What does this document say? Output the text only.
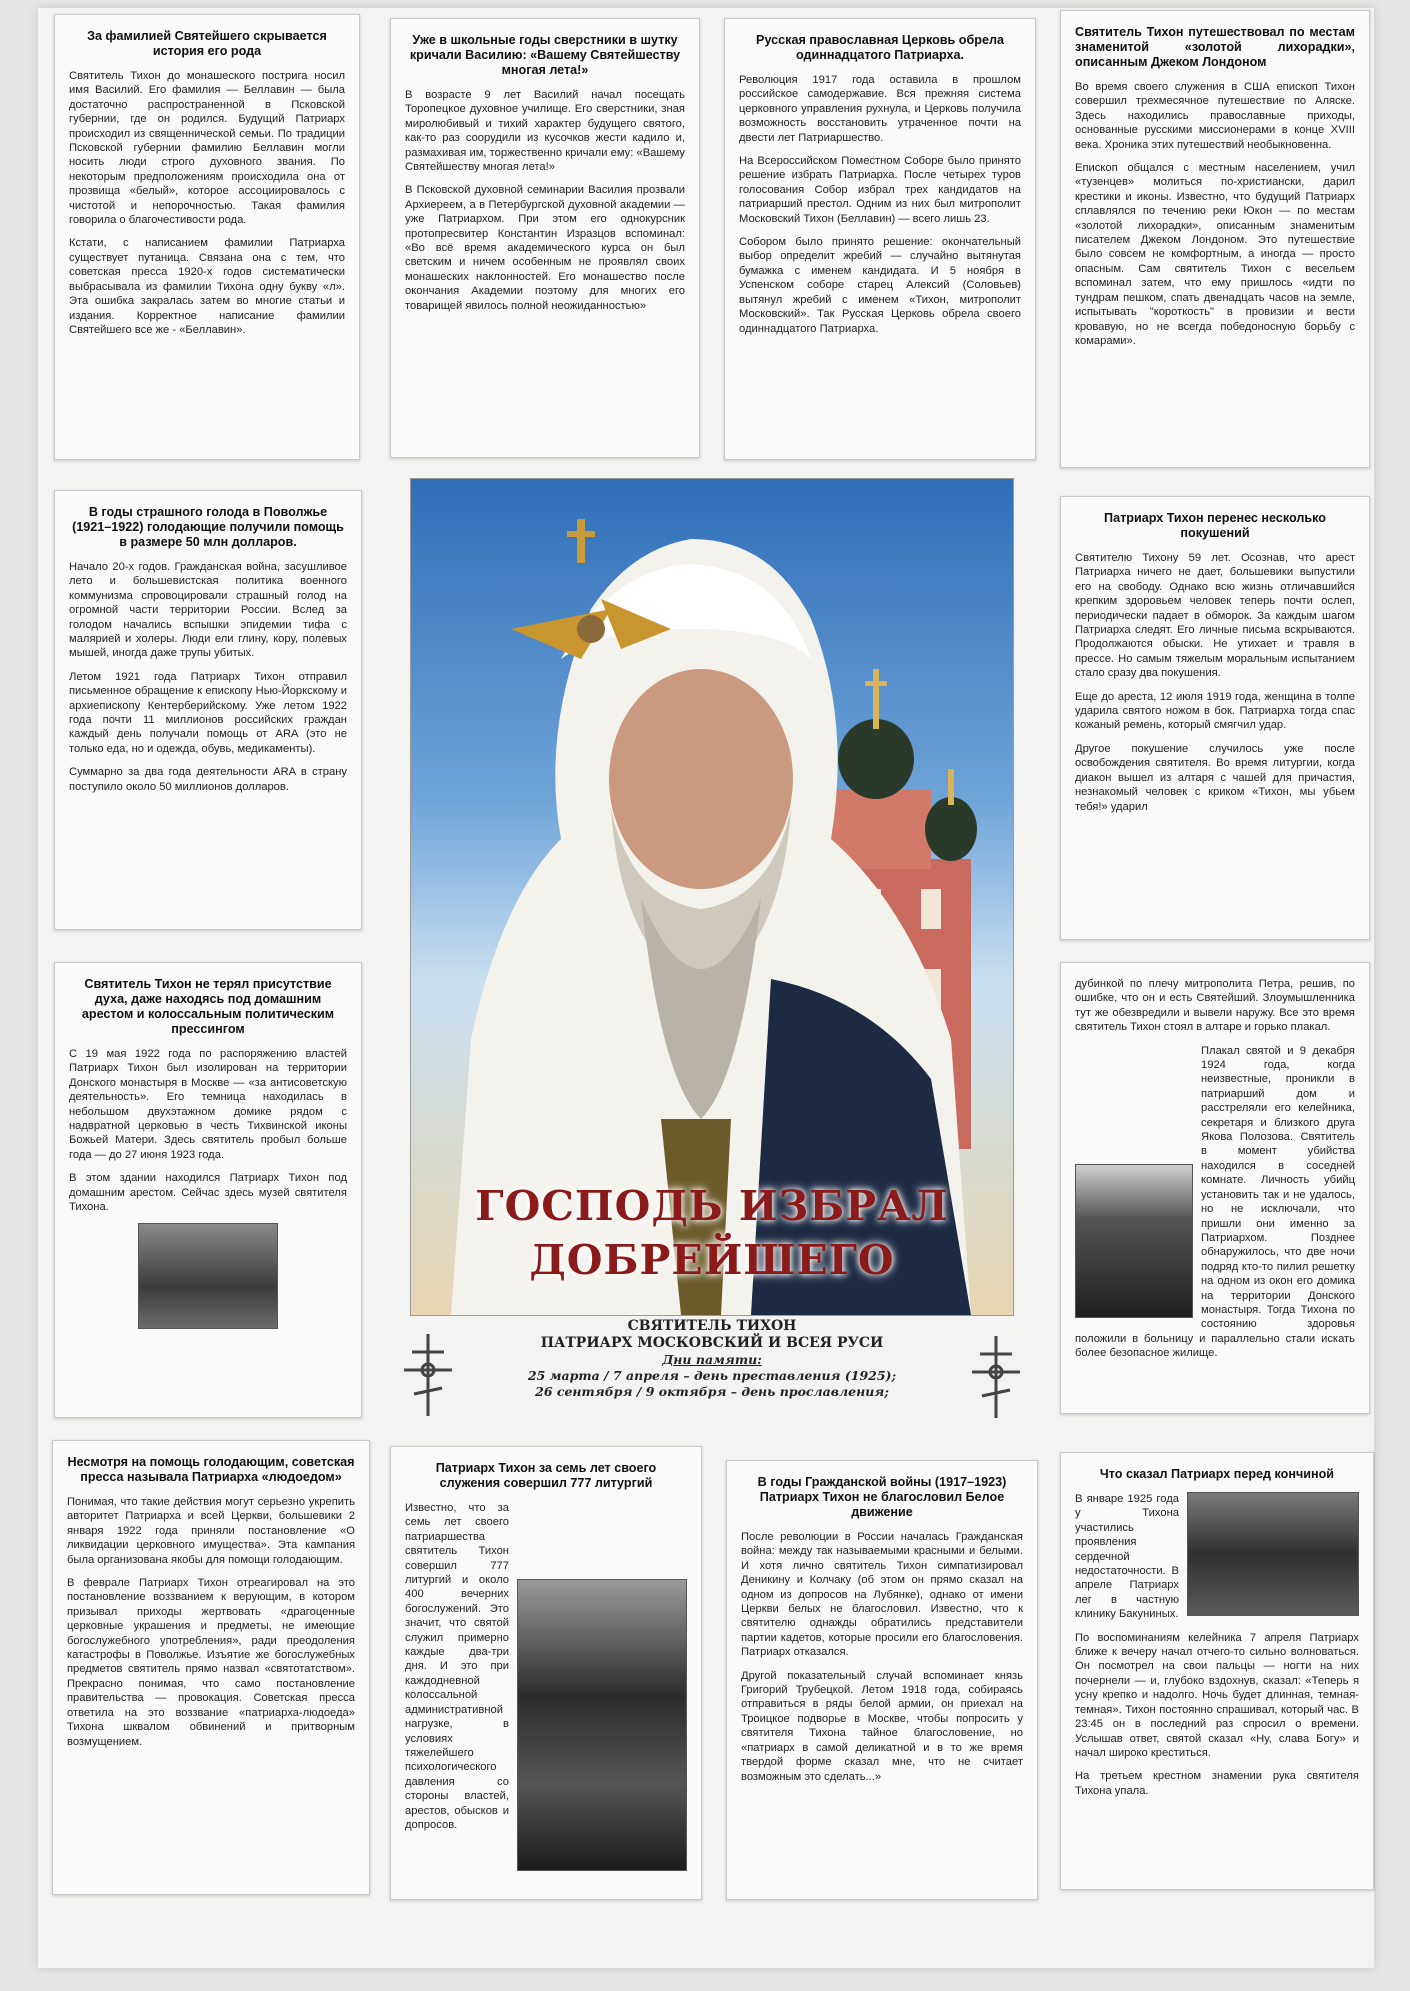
За фамилией Святейшего скрывается история его рода

Святитель Тихон до монашеского пострига носил имя Василий. Его фамилия — Беллавин — была достаточно распространенной в Псковской губернии, где он родился. Будущий Патриарх происходил из священнической семьи. По традиции Псковской губернии фамилию Беллавин могли носить люди строго духовного звания. По некоторым предположениям происходила она от прозвища «белый», которое ассоциировалось с чистотой и непорочностью. Такая фамилия говорила о благочестивости рода.

Кстати, с написанием фамилии Патриарха существует путаница. Связана она с тем, что советская пресса 1920-х годов систематически выбрасывала из фамилии Тихона одну букву «л». Эта ошибка закралась затем во многие статьи и издания. Корректное написание фамилии Святейшего все же - «Беллавин».

Уже в школьные годы сверстники в шутку кричали Василию: «Вашему Святейшеству многая лета!»

В возрасте 9 лет Василий начал посещать Торопецкое духовное училище. Его сверстники, зная миролюбивый и тихий характер будущего святого, как-то раз соорудили из кусочков жести кадило и, размахивая им, торжественно кричали ему: «Вашему Святейшеству многая лета!»

В Псковской духовной семинарии Василия прозвали Архиереем, а в Петербургской духовной академии — уже Патриархом. При этом его однокурсник протопресвитер Константин Изразцов вспоминал: «Во всё время академического курса он был светским и ничем особенным не проявлял своих монашеских наклонностей. Его монашество после окончания Академии поэтому для многих его товарищей явилось полной неожиданностью»

Русская православная Церковь обрела одиннадцатого Патриарха.

Революция 1917 года оставила в прошлом российское самодержавие. Вся прежняя система церковного управления рухнула, и Церковь получила возможность восстановить утраченное почти на двести лет Патриаршество.

На Всероссийском Поместном Соборе было принято решение избрать Патриарха. После четырех туров голосования Собор избрал трех кандидатов на патриарший престол. Одним из них был митрополит Московский Тихон (Беллавин) — всего лишь 23.

Собором было принято решение: окончательный выбор определит жребий — случайно вытянутая бумажка с именем кандидата. И 5 ноября в Успенском соборе старец Алексий (Соловьев) вытянул жребий с именем «Тихон, митрополит Московский». Так Русская Церковь обрела своего одиннадцатого Патриарха.

Святитель Тихон путешествовал по местам знаменитой «золотой лихорадки», описанным Джеком Лондоном

Во время своего служения в США епископ Тихон совершил трехмесячное путешествие по Аляске. Здесь находились православные приходы, основанные русскими миссионерами в конце XVIII века. Хроника этих путешествий необыкновенна.

Епископ общался с местным населением, учил «тузенцев» молиться по-христиански, дарил крестики и иконы. Известно, что будущий Патриарх сплавлялся по течению реки Юкон — по местам «золотой лихорадки», описанным знаменитым писателем Джеком Лондоном. Это путешествие было совсем не комфортным, а иногда — просто опасным. Сам святитель Тихон с весельем вспоминал затем, что ему пришлось «идти по тундрам пешком, спать двенадцать часов на земле, испытывать "короткость" в провизии и вести кровавую, но не всегда победоносную борьбу с комарами».

В годы страшного голода в Поволжье (1921–1922) голодающие получили помощь в размере 50 млн долларов.

Начало 20-х годов. Гражданская война, засушливое лето и большевистская политика военного коммунизма спровоцировали страшный голод на огромной части территории России. Вслед за голодом начались вспышки эпидемии тифа с малярией и холеры. Люди ели глину, кору, полевых мышей, иногда даже трупы убитых.

Летом 1921 года Патриарх Тихон отправил письменное обращение к епископу Нью-Йоркскому и архиепископу Кентерберийскому. Уже летом 1922 года почти 11 миллионов российских граждан каждый день получали помощь от ARA (это не только еда, но и одежда, обувь, медикаменты).

Суммарно за два года деятельности ARA в страну поступило около 50 миллионов долларов.

Патриарх Тихон перенес несколько покушений

Святителю Тихону 59 лет. Осознав, что арест Патриарха ничего не дает, большевики выпустили его на свободу. Однако всю жизнь отличавшийся крепким здоровьем человек теперь почти ослеп, периодически падает в обморок. За каждым шагом Патриарха следят. Его личные письма вскрываются. Продолжаются обыски. Не утихает и травля в прессе. Но самым тяжелым моральным испытанием стало сразу два покушения.

Еще до ареста, 12 июля 1919 года, женщина в толпе ударила святого ножом в бок. Патриарха тогда спас кожаный ремень, который смягчил удар.

Другое покушение случилось уже после освобождения святителя. Во время литургии, когда диакон вышел из алтаря с чашей для причастия, незнакомый человек с криком «Тихон, мы убьем тебя!» ударил

Святитель Тихон не терял присутствие духа, даже находясь под домашним арестом и колоссальным политическим прессингом

С 19 мая 1922 года по распоряжению властей Патриарх Тихон был изолирован на территории Донского монастыря в Москве — «за антисоветскую деятельность». Его темница находилась в небольшом двухэтажном домике рядом с надвратной церковью в честь Тихвинской иконы Божьей Матери. Здесь святитель пробыл больше года — до 27 июня 1923 года.

В этом здании находился Патриарх Тихон под домашним арестом. Сейчас здесь музей святителя Тихона.

дубинкой по плечу митрополита Петра, решив, по ошибке, что он и есть Святейший. Злоумышленника тут же обезвредили и вывели наружу. Все это время святитель Тихон стоял в алтаре и горько плакал.

Плакал святой и 9 декабря 1924 года, когда неизвестные, проникли в патриарший дом и расстреляли его келейника, секретаря и близкого друга Якова Полозова. Святитель в момент убийства находился в соседней комнате. Личность убийц установить так и не удалось, но не исключали, что пришли они именно за Патриархом. Позднее обнаружилось, что две ночи подряд кто-то пилил решетку на одном из окон его домика на территории Донского монастыря. Тогда Тихона по состоянию здоровья положили в больницу и параллельно стали искать более безопасное жилище.

ГОСПОДЬ ИЗБРАЛ
ДОБРЕЙШЕГО
СВЯТИТЕЛЬ ТИХОН
ПАТРИАРХ МОСКОВСКИЙ И ВСЕЯ РУСИ
Дни памяти:
25 марта / 7 апреля – день преставления (1925);
26 сентября / 9 октября – день прославления;
Несмотря на помощь голодающим, советская пресса называла Патриарха «людоедом»

Понимая, что такие действия могут серьезно укрепить авторитет Патриарха и всей Церкви, большевики 2 января 1922 года приняли постановление «О ликвидации церковного имущества». Эта кампания была организована якобы для помощи голодающим.

В феврале Патриарх Тихон отреагировал на это постановление воззванием к верующим, в котором призывал приходы жертвовать «драгоценные церковные украшения и предметы, не имеющие богослужебного употребления», ради преодоления катастрофы в Поволжье. Изъятие же богослужебных предметов святитель прямо назвал «святотатством». Прекрасно понимая, что само постановление правительства — провокация. Советская пресса ответила на это воззвание «патриарха-людоеда» Тихона шквалом обвинений и притворным возмущением.

Патриарх Тихон за семь лет своего служения совершил 777 литургий

Известно, что за семь лет своего патриаршества святитель Тихон совершил 777 литургий и около 400 вечерних богослужений. Это значит, что святой служил примерно каждые два-три дня. И это при каждодневной колоссальной административной нагрузке, в условиях тяжелейшего психологического давления со стороны властей, арестов, обысков и допросов.

В годы Гражданской войны (1917–1923) Патриарх Тихон не благословил Белое движение

После революции в России началась Гражданская война: между так называемыми красными и белыми. И хотя лично святитель Тихон симпатизировал Деникину и Колчаку (об этом он прямо сказал на одном из допросов на Лубянке), однако от имени Церкви белых не благословил. Известно, что к святителю однажды обратились представители партии кадетов, которые просили его благословения. Патриарх отказался.

Другой показательный случай вспоминает князь Григорий Трубецкой. Летом 1918 года, собираясь отправиться в ряды белой армии, он приехал на Троицкое подворье в Москве, чтобы попросить у святителя Тихона тайное благословение, но «патриарх в самой деликатной и в то же время твердой форме сказал мне, что не считает возможным это сделать...»

Что сказал Патриарх перед кончиной

В январе 1925 года у Тихона участились проявления сердечной недостаточности. В апреле Патриарх лег в частную клинику Бакуниных.

По воспоминаниям келейника 7 апреля Патриарх ближе к вечеру начал отчего-то сильно волноваться. Он посмотрел на свои пальцы — ногти на них почернели — и, глубоко вздохнув, сказал: «Теперь я усну крепко и надолго. Ночь будет длинная, темная-темная». Тихон постоянно спрашивал, который час. В 23:45 он в последний раз спросил о времени. Услышав ответ, святой сказал «Ну, слава Богу» и начал широко креститься.

На третьем крестном знамении рука святителя Тихона упала.
